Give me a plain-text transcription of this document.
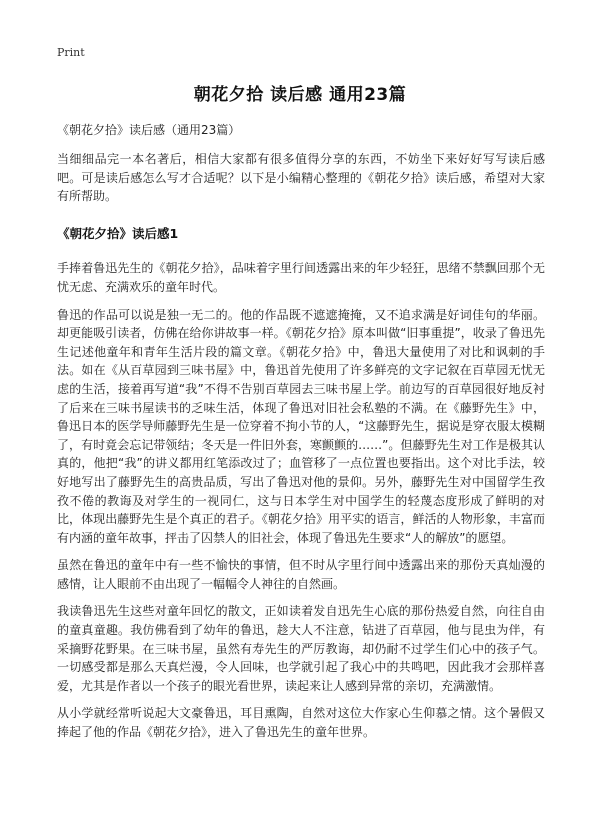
Print
朝花夕拾 读后感 通用23篇
《朝花夕拾》读后感（通用23篇）

当细细品完一本名著后，相信大家都有很多值得分享的东西，不妨坐下来好好写写读后感吧。可是读后感怎么写才合适呢？以下是小编精心整理的《朝花夕拾》读后感，希望对大家有所帮助。

《朝花夕拾》读后感1

手捧着鲁迅先生的《朝花夕拾》，品味着字里行间透露出来的年少轻狂，思绪不禁飘回那个无忧无虑、充满欢乐的童年时代。

鲁迅的作品可以说是独一无二的。他的作品既不遮遮掩掩，又不追求满是好词佳句的华丽。却更能吸引读者，仿佛在给你讲故事一样。《朝花夕拾》原本叫做“旧事重提”，收录了鲁迅先生记述他童年和青年生活片段的篇文章。《朝花夕拾》中，鲁迅大量使用了对比和讽刺的手法。如在《从百草园到三味书屋》中，鲁迅首先使用了许多鲜亮的文字记叙在百草园无忧无虑的生活，接着再写道“我”不得不告别百草园去三味书屋上学。前边写的百草园很好地反衬了后来在三味书屋读书的乏味生活，体现了鲁迅对旧社会私塾的不满。在《藤野先生》中，鲁迅日本的医学导师藤野先生是一位穿着不拘小节的人，“这藤野先生，据说是穿衣服太模糊了，有时竟会忘记带领结；冬天是一件旧外套，寒颤颤的……”。但藤野先生对工作是极其认真的，他把“我”的讲义都用红笔添改过了；血管移了一点位置也要指出。这个对比手法，较好地写出了藤野先生的高贵品质，写出了鲁迅对他的景仰。另外，藤野先生对中国留学生孜孜不倦的教诲及对学生的一视同仁，这与日本学生对中国学生的轻蔑态度形成了鲜明的对比，体现出藤野先生是个真正的君子。《朝花夕拾》用平实的语言，鲜活的人物形象，丰富而有内涵的童年故事，抨击了囚禁人的旧社会，体现了鲁迅先生要求“人的解放”的愿望。

虽然在鲁迅的童年中有一些不愉快的事情，但不时从字里行间中透露出来的那份天真灿漫的感情，让人眼前不由出现了一幅幅令人神往的自然画。

我读鲁迅先生这些对童年回忆的散文，正如读着发自迅先生心底的那份热爱自然，向往自由的童真童趣。我仿佛看到了幼年的鲁迅，趁大人不注意，钻进了百草园，他与昆虫为伴，有采摘野花野果。在三味书屋，虽然有寿先生的严厉教诲，却仍耐不过学生们心中的孩子气。一切感受都是那么天真烂漫，令人回味，也学就引起了我心中的共鸣吧，因此我才会那样喜爱，尤其是作者以一个孩子的眼光看世界，读起来让人感到异常的亲切，充满激情。

从小学就经常听说起大文豪鲁迅，耳目熏陶，自然对这位大作家心生仰慕之情。这个暑假又捧起了他的作品《朝花夕拾》，进入了鲁迅先生的童年世界。
